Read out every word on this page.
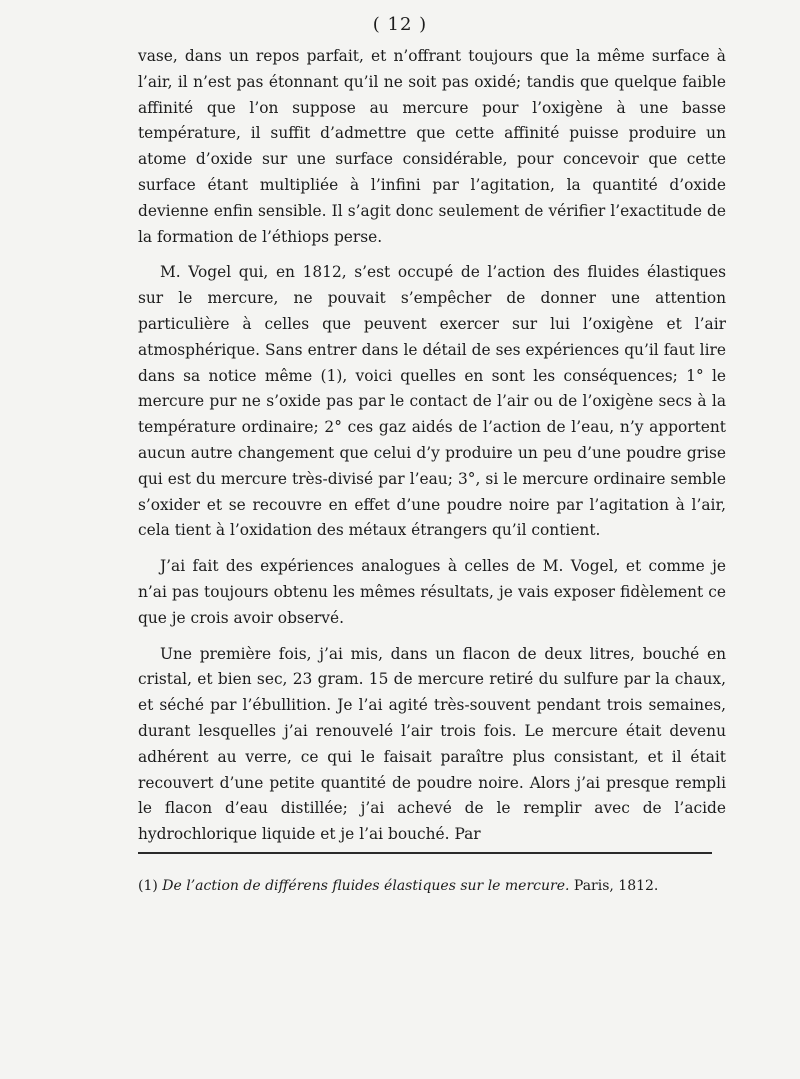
( 12 )

vase, dans un repos parfait, et n’offrant toujours que la même surface à l’air, il n’est pas étonnant qu’il ne soit pas oxidé; tandis que quelque faible affinité que l’on suppose au mercure pour l’oxigène à une basse température, il suffit d’admettre que cette affinité puisse produire un atome d’oxide sur une surface considérable, pour concevoir que cette surface étant multipliée à l’infini par l’agitation, la quantité d’oxide devienne enfin sensible. Il s’agit donc seulement de vérifier l’exactitude de la formation de l’éthiops perse.

M. Vogel qui, en 1812, s’est occupé de l’action des fluides élastiques sur le mercure, ne pouvait s’empêcher de donner une attention particulière à celles que peuvent exercer sur lui l’oxigène et l’air atmosphérique. Sans entrer dans le détail de ses expériences qu’il faut lire dans sa notice même (1), voici quelles en sont les conséquences; 1° le mercure pur ne s’oxide pas par le contact de l’air ou de l’oxigène secs à la température ordinaire; 2° ces gaz aidés de l’action de l’eau, n’y apportent aucun autre changement que celui d’y produire un peu d’une poudre grise qui est du mercure très-divisé par l’eau; 3°, si le mercure ordinaire semble s’oxider et se recouvre en effet d’une poudre noire par l’agitation à l’air, cela tient à l’oxidation des métaux étrangers qu’il contient.

J’ai fait des expériences analogues à celles de M. Vogel, et comme je n’ai pas toujours obtenu les mêmes résultats, je vais exposer fidèlement ce que je crois avoir observé.

Une première fois, j’ai mis, dans un flacon de deux litres, bouché en cristal, et bien sec, 23 gram. 15 de mercure retiré du sulfure par la chaux, et séché par l’ébullition. Je l’ai agité très-souvent pendant trois semaines, durant lesquelles j’ai renouvelé l’air trois fois. Le mercure était devenu adhérent au verre, ce qui le faisait paraître plus consistant, et il était recouvert d’une petite quantité de poudre noire. Alors j’ai presque rempli le flacon d’eau distillée; j’ai achevé de le remplir avec de l’acide hydrochlorique liquide et je l’ai bouché. Par

(1) De l’action de différens fluides élastiques sur le mercure. Paris, 1812.
